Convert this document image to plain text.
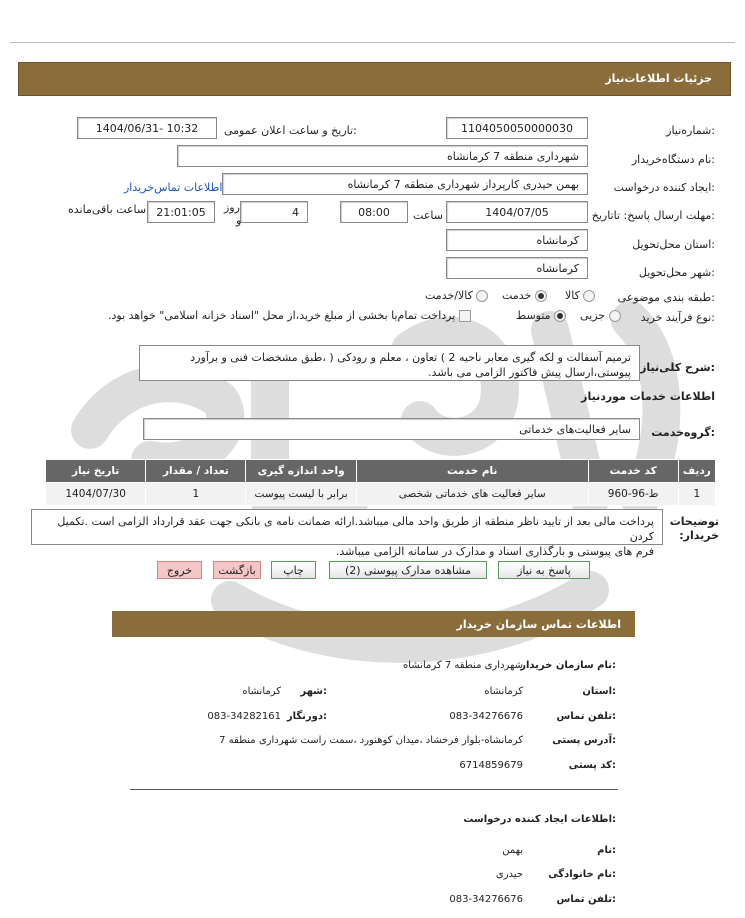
جزئیات اطلاعات‌نیاز
شماره‌نیاز:
1104050050000030
تاریخ و ساعت اعلان عمومی:
1404/06/31- 10:32
نام دستگاه‌خریدار:
شهرداری منطقه 7 کرمانشاه
ایجاد کننده درخواست:
بهمن حیدری کارپرداز شهرداری منطقه 7 کرمانشاه
اطلاعات تماس‌خریدار
مهلت ارسال پاسخ: تاتاریخ:
1404/07/05
ساعت
08:00
4
روز
و
21:01:05
ساعت باقی‌مانده
استان محل‌تحویل:
کرمانشاه
شهر محل‌تحویل:
کرمانشاه
طبقه بندی موضوعی:
کالا
خدمت
کالا/خدمت
نوع فرآیند خرید:
جزیی
متوسط
پرداخت تمام‌یا بخشی از مبلغ خرید،از محل "اسناد خزانه اسلامی" خواهد بود.
شرح کلی‌نیاز:
ترمیم آسفالت و لکه گیری معابر ناحیه 2 ) تعاون ، معلم و رودکی ( ،طبق مشخصات فنی و برآورد
پیوستی،ارسال پیش فاکتور الزامی می باشد.
اطلاعات خدمات موردنیاز
گروه‌خدمت:
سایر فعالیت‌های خدماتی
ردیف	کد خدمت	نام خدمت	واحد اندازه گیری	تعداد / مقدار	تاریخ نیاز
1	ط-96-960	سایر فعالیت های خدماتی شخصی	برابر با لیست پیوست	1	1404/07/30
توضیحات
خریدار:
پرداخت مالی بعد از تایید ناظر منطقه از طریق واحد مالی میباشد.ارائه ضمانت نامه ی بانکی جهت عقد قرارداد الزامی است .تکمیل کردن
فرم های پیوستی و بارگذاری اسناد و مدارک در سامانه الزامی میباشد.
پاسخ به نیاز
مشاهده مدارک پیوستی (2)
چاپ
بازگشت
خروج
اطلاعات تماس سازمان خریدار
نام سازمان خریدار:
شهرداری منطقه 7 کرمانشاه
استان:
کرمانشاه
شهر:
کرمانشاه
تلفن تماس:
083-34276676
دورنگار:
083-34282161
آدرس پستی:
کرمانشاه-بلوار فرخشاد ،میدان کوهنورد ،سمت راست شهرداری منطقه 7
کد پستی:
6714859679
اطلاعات ایجاد کننده درخواست:
نام:
بهمن
نام خانوادگی:
حیدری
تلفن تماس:
083-34276676
